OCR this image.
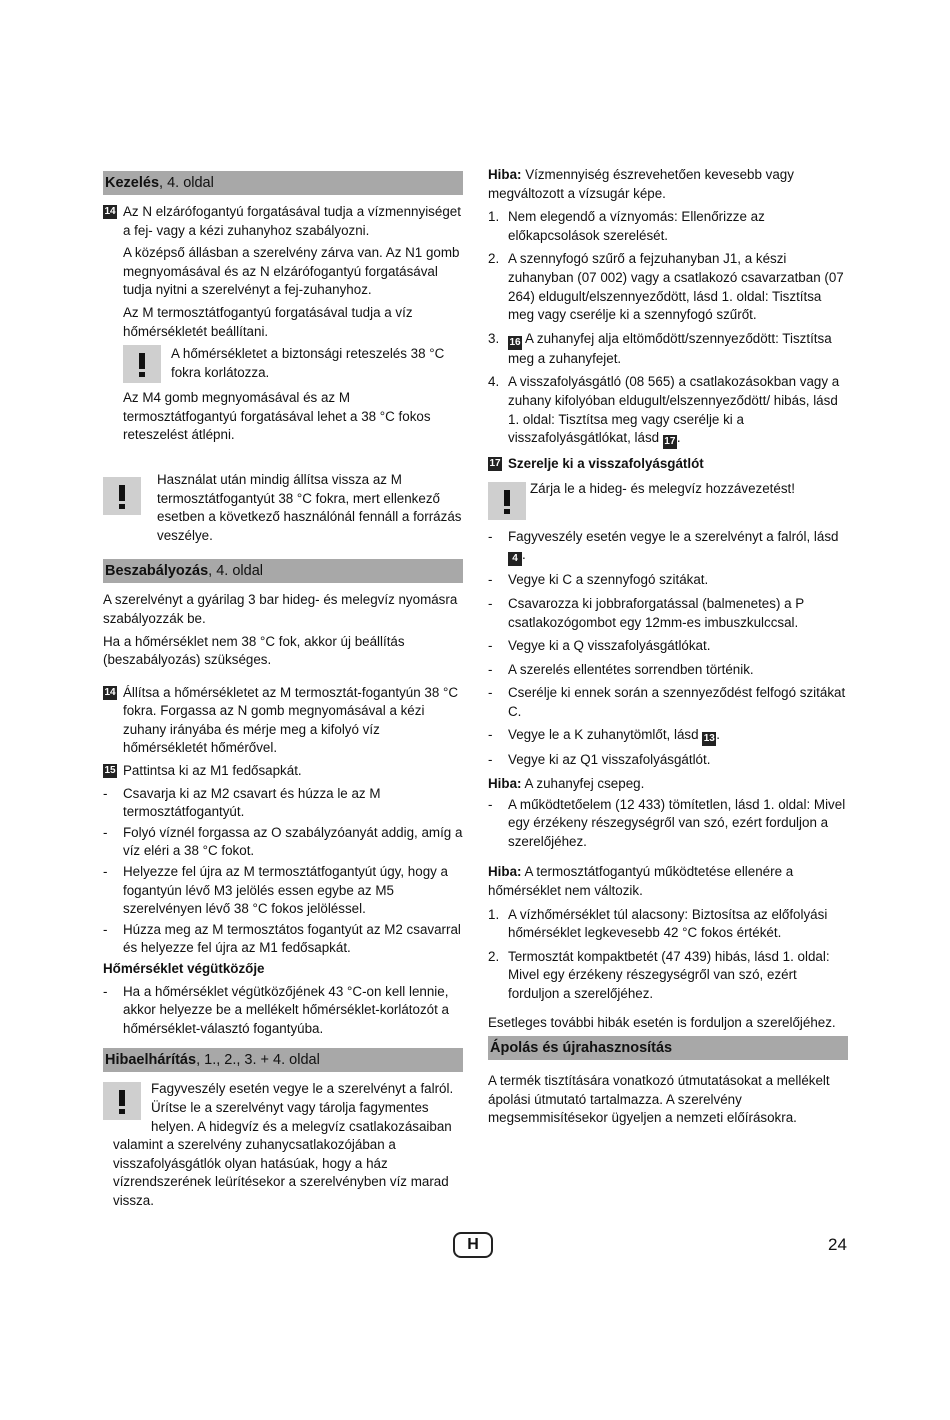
Kezelés, 4. oldal
14 Az N elzárófogantyú forgatásával tudja a vízmennyiséget a fej- vagy a kézi zuhanyhoz szabályozni.

A középső állásban a szerelvény zárva van. Az N1 gomb megnyomásával és az N elzárófogantyú forgatásával tudja nyitni a szerelvényt a fej-zuhanyhoz.

Az M termosztátfogantyú forgatásával tudja a víz hőmérsékletét beállítani.

A hőmérsékletet a biztonsági reteszelés 38 °C fokra korlátozza.

Az M4 gomb megnyomásával és az M termosztátfogantyú forgatásával lehet a 38 °C fokos reteszelést átlépni.

Használat után mindig állítsa vissza az M termosztátfogantyút 38 °C fokra, mert ellenkező esetben a következő használónál fennáll a forrázás veszélye.
Beszabályozás, 4. oldal

A szerelvényt a gyárilag 3 bar hideg- és melegvíz nyomásra szabályozzák be.

Ha a hőmérséklet nem 38 °C fok, akkor új beállítás (beszabályozás) szükséges.

14 Állítsa a hőmérsékletet az M termosztát-fogantyún 38 °C fokra. Forgassa az N gomb megnyomásával a kézi zuhany irányába és mérje meg a kifolyó víz hőmérsékletét hőmérővel.
15 Pattintsa ki az M1 fedősapkát.
- Csavarja ki az M2 csavart és húzza le az M termosztátfogantyút.
- Folyó víznél forgassa az O szabályzóanyát addig, amíg a víz eléri a 38 °C fokot.
- Helyezze fel újra az M termosztátfogantyút úgy, hogy a fogantyún lévő M3 jelölés essen egybe az M5 szerelvényen lévő 38 °C fokos jelöléssel.
- Húzza meg az M termosztátos fogantyút az M2 csavarral és helyezze fel újra az M1 fedősapkát.
Hőmérséklet végütközője
- Ha a hőmérséklet végütközőjének 43 °C-on kell lennie, akkor helyezze be a mellékelt hőmérséklet-korlátozót a hőmérséklet-választó fogantyúba.
Hibaelhárítás, 1., 2., 3. + 4. oldal
Fagyveszély esetén vegye le a szerelvényt a falról. Ürítse le a szerelvényt vagy tárolja fagymentes helyen. A hidegvíz és a melegvíz csatlakozásaiban valamint a szerelvény zuhanycsatlakozójában a visszafolyásgátlók olyan hatásúak, hogy a ház vízrendszerének leürítésekor a szerelvényben víz marad vissza.

Hiba: Vízmennyiség észrevehetően kevesebb vagy megváltozott a vízsugár képe.

1. Nem elegendő a víznyomás: Ellenőrizze az előkapcsolások szerelését.
2. A szennyfogó szűrő a fejzuhanyban J1, a készi zuhanyban (07 002) vagy a csatlakozó csavarzatban (07 264) eldugult/elszennyeződött, lásd 1. oldal: Tisztítsa meg vagy cserélje ki a szennyfogó szűrőt.
3. 16 A zuhanyfej alja eltömődött/szennyeződött: Tisztítsa meg a zuhanyfejet.
4. A visszafolyásgátló (08 565) a csatlakozásokban vagy a zuhany kifolyóban eldugult/elszennyeződött/ hibás, lásd 1. oldal: Tisztítsa meg vagy cserélje ki a visszafolyásgátlókat, lásd 17.
17 Szerelje ki a visszafolyásgátlót
Zárja le a hideg- és melegvíz hozzávezetést!
- Fagyveszély esetén vegye le a szerelvényt a falról, lásd 4 .
- Vegye ki C a szennyfogó szitákat.
- Csavarozza ki jobbraforgatással (balmenetes) a P csatlakozógombot egy 12mm-es imbuszkulccsal.
- Vegye ki a Q visszafolyásgátlókat.
- A szerelés ellentétes sorrendben történik.
- Cserélje ki ennek során a szennyeződést felfogó szitákat C.
- Vegye le a K zuhanytömlőt, lásd 13.
- Vegye ki az Q1 visszafolyásgátlót.

Hiba: A zuhanyfej csepeg.

- A működtetőelem (12 433) tömítetlen, lásd 1. oldal: Mivel egy érzékeny részegységről van szó, ezért forduljon a szerelőjéhez.

Hiba: A termosztátfogantyú működtetése ellenére a hőmérséklet nem változik.

1. A vízhőmérséklet túl alacsony: Biztosítsa az előfolyási hőmérséklet legkevesebb 42 °C fokos értékét.
2. Termosztát kompaktbetét (47 439) hibás, lásd 1. oldal: Mivel egy érzékeny részegységről van szó, ezért forduljon a szerelőjéhez.

Esetleges további hibák esetén is forduljon a szerelőjéhez.

Ápolás és újrahasznosítás

A termék tisztítására vonatkozó útmutatásokat a mellékelt ápolási útmutató tartalmazza. A szerelvény megsemmisítésekor ügyeljen a nemzeti előírásokra.

H	24
